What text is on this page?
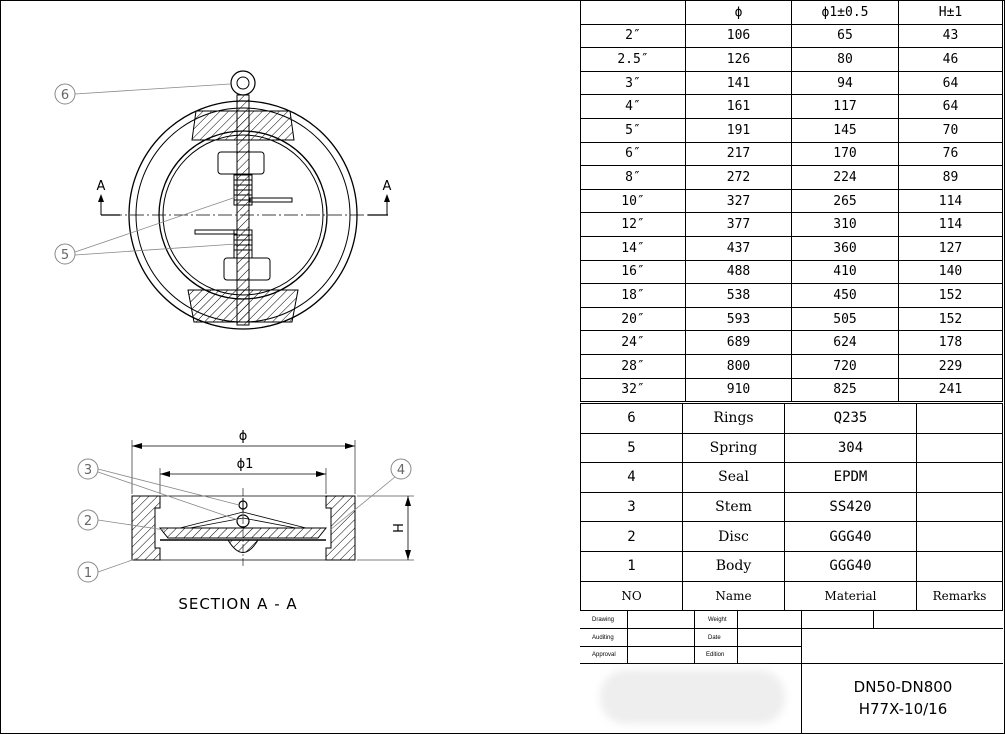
A	A
6
5
ϕ
ϕ1
H
3
2
1
4
SECTION A - A
	ϕ	ϕ1±0.5	H±1
2″	106	65	43
2.5″	126	80	46
3″	141	94	64
4″	161	117	64
5″	191	145	70
6″	217	170	76
8″	272	224	89
10″	327	265	114
12″	377	310	114
14″	437	360	127
16″	488	410	140
18″	538	450	152
20″	593	505	152
24″	689	624	178
28″	800	720	229
32″	910	825	241
6	Rings	Q235	
5	Spring	304	
4	Seal	EPDM	
3	Stem	SS420	
2	Disc	GGG40	
1	Body	GGG40	
NO	Name	Material	Remarks
Drawing	Weight
Auditing	Date
Approval	Edition
DN50-DN800
H77X-10/16
